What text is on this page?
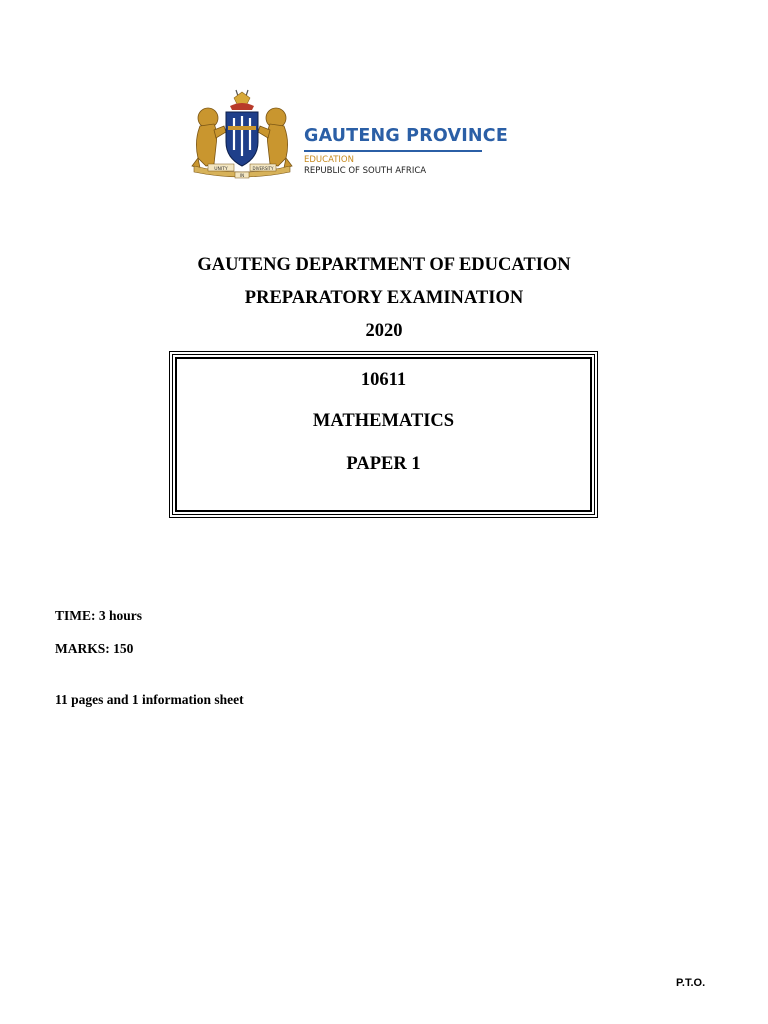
UNITY
IN
DIVERSITY
GAUTENG PROVINCE
EDUCATION
REPUBLIC OF SOUTH AFRICA
GAUTENG DEPARTMENT OF EDUCATION
PREPARATORY EXAMINATION
2020
10611
MATHEMATICS
PAPER 1
TIME: 3 hours
MARKS: 150
11 pages and 1 information sheet
P.T.O.
